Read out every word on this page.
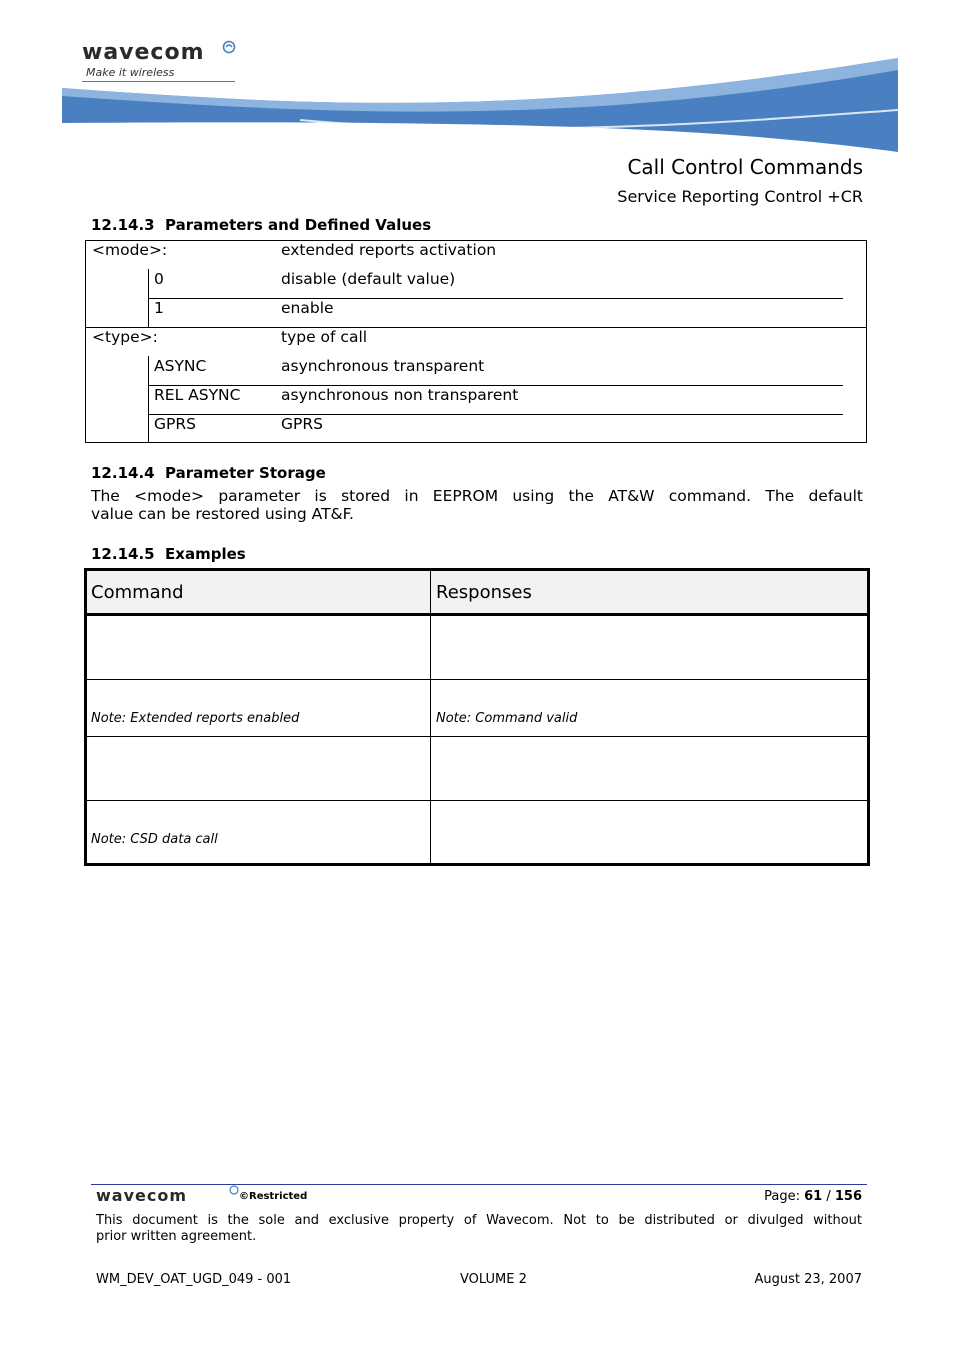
wavecom
Make it wireless
Call Control Commands
Service Reporting Control +CR
12.14.3 Parameters and Defined Values
<mode>:	extended reports activation
0	disable (default value)
1	enable
<type>:	type of call
ASYNC	asynchronous transparent
REL ASYNC	asynchronous non transparent
GPRS	GPRS
12.14.4 Parameter Storage
The <mode> parameter is stored in EEPROM using the AT&W command. The default
value can be restored using AT&F.
12.14.5 Examples
Command	Responses
Note: Extended reports enabled	Note: Command valid
Note: CSD data call
wavecom	©Restricted	Page: 61 / 156
This document is the sole and exclusive property of Wavecom. Not to be distributed or divulged without
prior written agreement.
WM_DEV_OAT_UGD_049 - 001	VOLUME 2	August 23, 2007
